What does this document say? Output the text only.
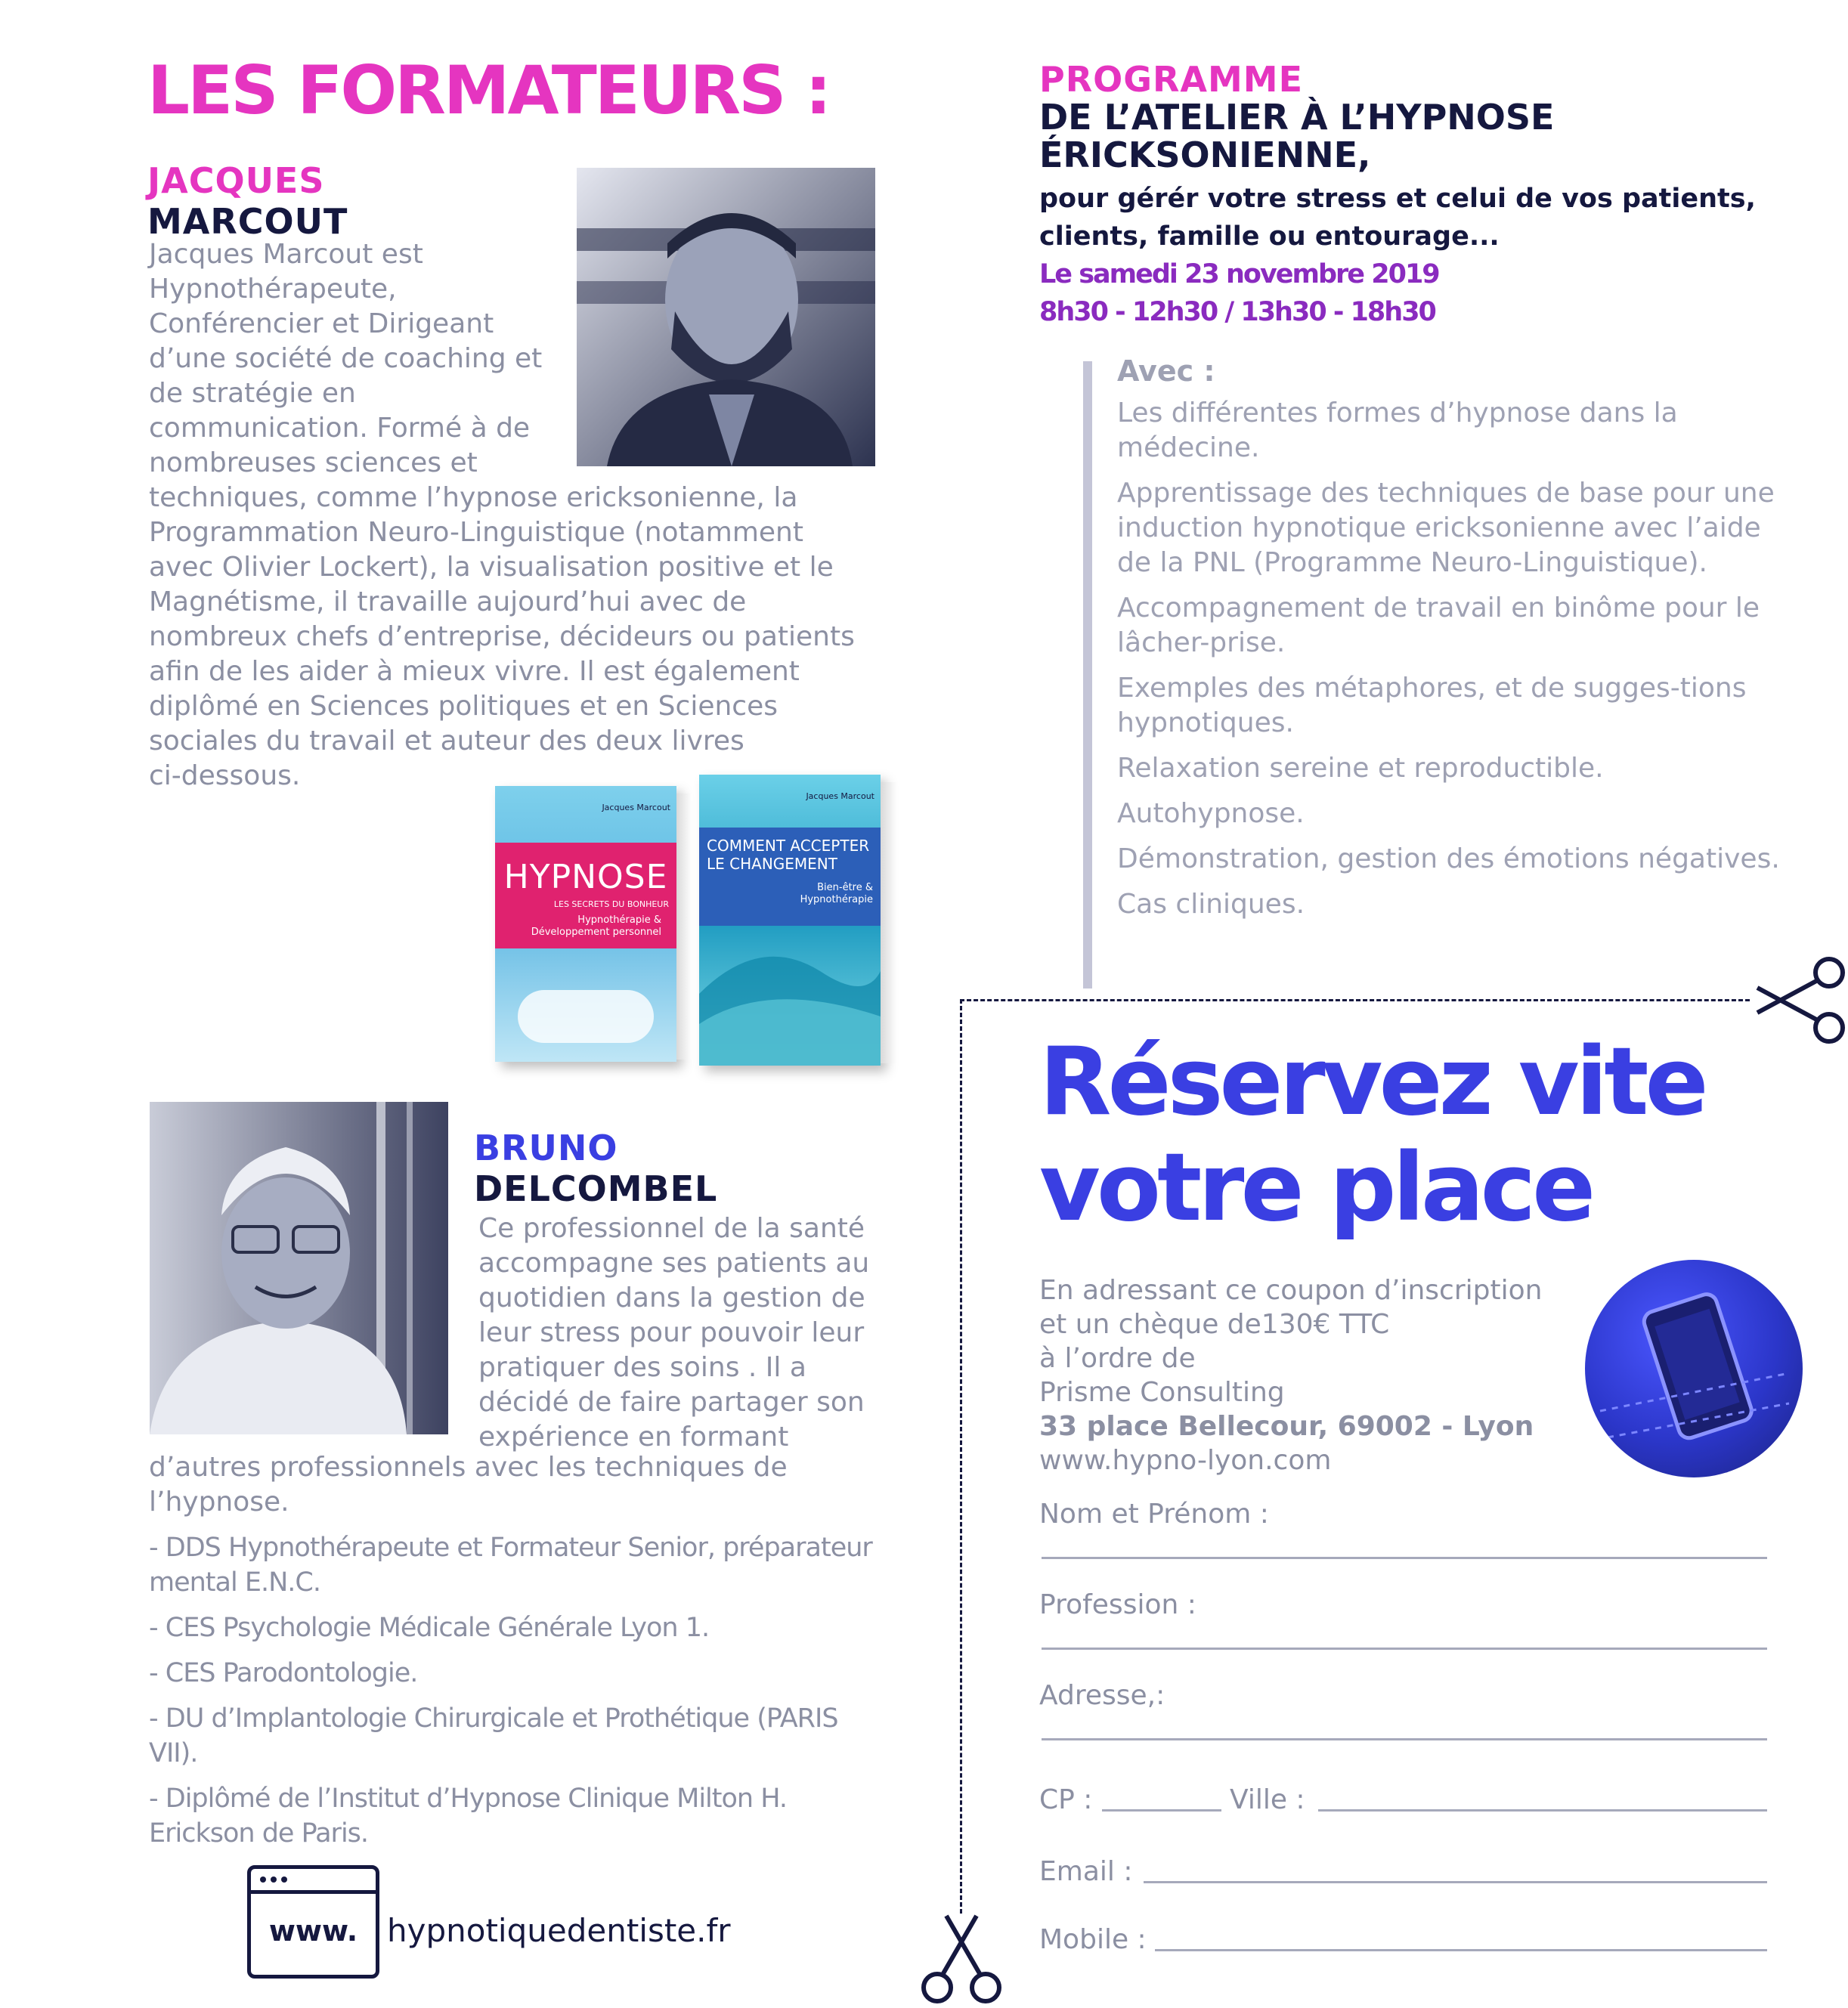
LES FORMATEURS :
JACQUES
MARCOUT
Jacques Marcout est
Hypnothérapeute,
Conférencier et Dirigeant
d’une société de coaching et
de stratégie en
communication. Formé à de
nombreuses sciences et
techniques, comme l’hypnose ericksonienne, la
Programmation Neuro-Linguistique (notamment
avec Olivier Lockert), la visualisation positive et le
Magnétisme, il travaille aujourd’hui avec de
nombreux chefs d’entreprise, décideurs ou patients
afin de les aider à mieux vivre. Il est également
diplômé en Sciences politiques et en Sciences
sociales du travail et auteur des deux livres
ci-dessous.
Jacques Marcout
HYPNOSE
LES SECRETS DU BONHEUR
Hypnothérapie & Développement personnel
Jacques Marcout
COMMENT ACCEPTER LE CHANGEMENT
Bien-être & Hypnothérapie
BRUNO
DELCOMBEL
Ce professionnel de la santé
accompagne ses patients au
quotidien dans la gestion de
leur stress pour pouvoir leur
pratiquer des soins . Il a
décidé de faire partager son
expérience en formant
d’autres professionnels avec les techniques de
l’hypnose.
- DDS Hypnothérapeute et Formateur Senior, préparateur mental E.N.C.
- CES Psychologie Médicale Générale Lyon 1.
- CES Parodontologie.
- DU d’Implantologie Chirurgicale et Prothétique (PARIS VII).
- Diplômé de l’Institut d’Hypnose Clinique Milton H. Erickson de Paris.
www. hypnotiquedentiste.fr
PROGRAMME
DE L’ATELIER À L’HYPNOSE
ÉRICKSONIENNE,
pour gérér votre stress et celui de vos patients,
clients, famille ou entourage...
Le samedi 23 novembre 2019
8h30 - 12h30 / 13h30 - 18h30
Avec :
Les différentes formes d’hypnose dans la médecine.
Apprentissage des techniques de base pour une induction hypnotique ericksonienne avec l’aide de la PNL (Programme Neuro-Linguistique).
Accompagnement de travail en binôme pour le lâcher-prise.
Exemples des métaphores, et de sugges-tions hypnotiques.
Relaxation sereine et reproductible.
Autohypnose.
Démonstration, gestion des émotions négatives.
Cas cliniques.
Réservez vite
votre place
En adressant ce coupon d’inscription
et un chèque de130€ TTC
à l’ordre de
Prisme Consulting
33 place Bellecour, 69002 - Lyon
www.hypno-lyon.com
Nom et Prénom :
Profession :
Adresse,:
CP :	Ville :
Email :
Mobile :
